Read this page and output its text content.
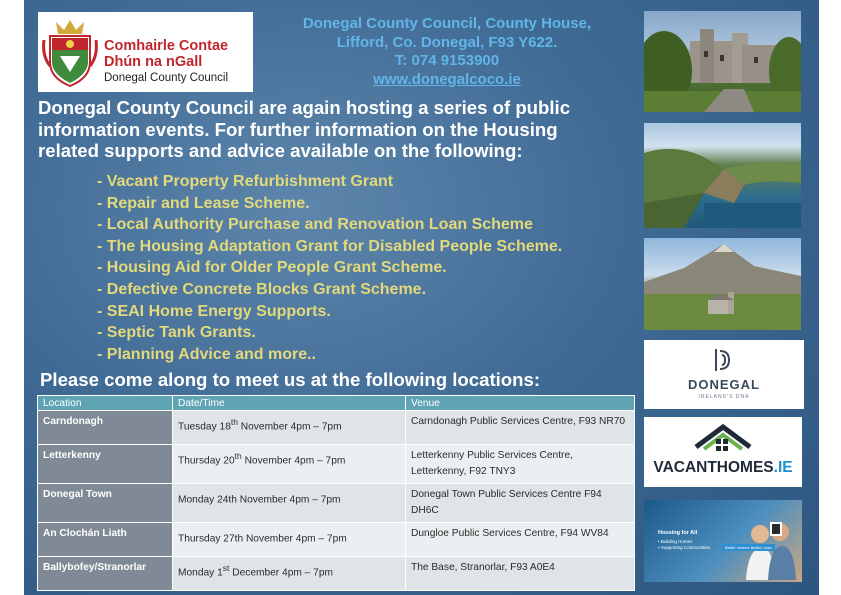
Comhairle Contae
Dhún na nGall
Donegal County Council
Donegal County Council, County House,
Lifford, Co. Donegal, F93 Y622.
T: 074 9153900
www.donegalcoco.ie
Donegal County Council are again hosting a series of public
information events. For further information on the Housing
related supports and advice available on the following:
- Vacant Property Refurbishment Grant
- Repair and Lease Scheme.
- Local Authority Purchase and Renovation Loan Scheme
- The Housing Adaptation Grant for Disabled People Scheme.
- Housing Aid for Older People Grant Scheme.
- Defective Concrete Blocks Grant Scheme.
- SEAI Home Energy Supports.
- Septic Tank Grants.
- Planning Advice and more..
Please come along to meet us at the following locations:
Location	Date/Time	Venue
Carndonagh	Tuesday 18th November 4pm – 7pm	Carndonagh Public Services Centre, F93 NR70
Letterkenny	Thursday 20th November 4pm – 7pm	Letterkenny Public Services Centre, Letterkenny, F92 TNY3
Donegal Town	Monday 24th November 4pm – 7pm	Donegal Town Public Services Centre F94 DH6C
An Clochán Liath	Thursday 27th November 4pm – 7pm	Dungloe Public Services Centre, F94 WV84
Ballybofey/Stranorlar	Monday 1st December 4pm – 7pm	The Base, Stranorlar, F93 A0E4
DONEGAL
IRELAND'S DNA
VACANTHOMES.IE
Housing for All
• Building Homes
• Supporting Communities	Better Homes Better Lives
